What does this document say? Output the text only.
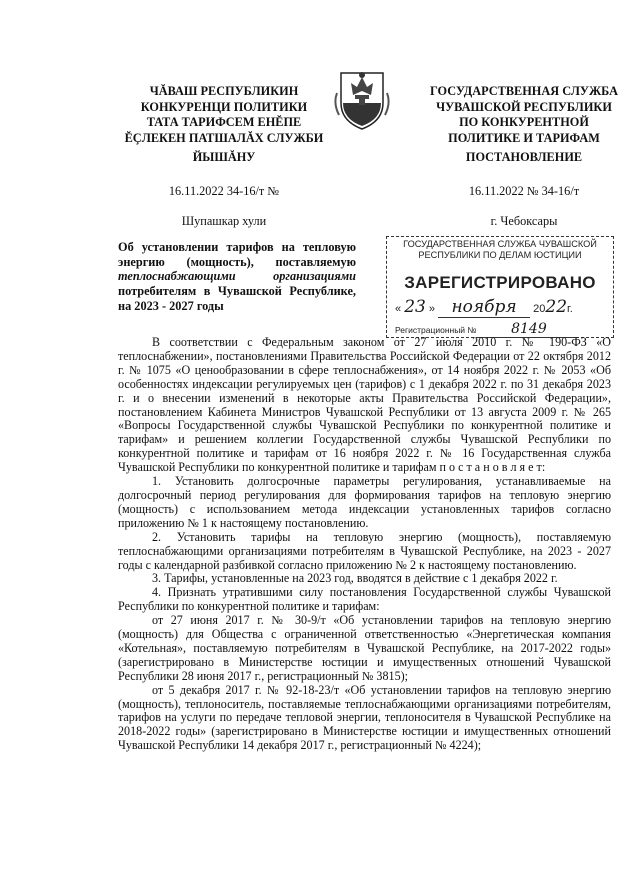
ЧĂВАШ РЕСПУБЛИКИН
КОНКУРЕНЦИ ПОЛИТИКИ
ТАТА ТАРИФСЕМ ЕНĔПЕ
ĔҪЛЕКЕН ПАТШАЛĂХ СЛУЖБИ
ГОСУДАРСТВЕННАЯ СЛУЖБА
ЧУВАШСКОЙ РЕСПУБЛИКИ
ПО КОНКУРЕНТНОЙ
ПОЛИТИКЕ И ТАРИФАМ
ЙЫШĂНУ	ПОСТАНОВЛЕНИЕ
16.11.2022 34-16/т №	16.11.2022 № 34-16/т
Шупашкар хули	г. Чебоксары
Об установлении тарифов на тепловую энергию (мощность), поставляемую теплоснабжающими организациями потребителям в Чувашской Республике, на 2023 - 2027 годы
ГОСУДАРСТВЕННАЯ СЛУЖБА ЧУВАШСКОЙ
РЕСПУБЛИКИ ПО ДЕЛАМ ЮСТИЦИИ
ЗАРЕГИСТРИРОВАНО
« 23 » ноября 2022г.
Регистрационный № 8149

В соответствии с Федеральным законом от 27 июля 2010 г. № 190-ФЗ «О теплоснабжении», постановлениями Правительства Российской Федерации от 22 октября 2012 г. № 1075 «О ценообразовании в сфере теплоснабжения», от 14 ноября 2022 г. № 2053 «Об особенностях индексации регулируемых цен (тарифов) с 1 декабря 2022 г. по 31 декабря 2023 г. и о внесении изменений в некоторые акты Правительства Российской Федерации», постановлением Кабинета Министров Чувашской Республики от 13 августа 2009 г. № 265 «Вопросы Государственной службы Чувашской Республики по конкурентной политике и тарифам» и решением коллегии Государственной службы Чувашской Республики по конкурентной политике и тарифам от 16 ноября 2022 г. № 16 Государственная служба Чувашской Республики по конкурентной политике и тарифам п о с т а н о в л я е т:

1. Установить долгосрочные параметры регулирования, устанавливаемые на долгосрочный период регулирования для формирования тарифов на тепловую энергию (мощность) с использованием метода индексации установленных тарифов согласно приложению № 1 к настоящему постановлению.

2. Установить тарифы на тепловую энергию (мощность), поставляемую теплоснабжающими организациями потребителям в Чувашской Республике, на 2023 - 2027 годы с календарной разбивкой согласно приложению № 2 к настоящему постановлению.

3. Тарифы, установленные на 2023 год, вводятся в действие с 1 декабря 2022 г.

4. Признать утратившими силу постановления Государственной службы Чувашской Республики по конкурентной политике и тарифам:

от 27 июня 2017 г. № 30-9/т «Об установлении тарифов на тепловую энергию (мощность) для Общества с ограниченной ответственностью «Энергетическая компания «Котельная», поставляемую потребителям в Чувашской Республике, на 2017-2022 годы» (зарегистрировано в Министерстве юстиции и имущественных отношений Чувашской Республики 28 июня 2017 г., регистрационный № 3815);

от 5 декабря 2017 г. № 92-18-23/т «Об установлении тарифов на тепловую энергию (мощность), теплоноситель, поставляемые теплоснабжающими организациями потребителям, тарифов на услуги по передаче тепловой энергии, теплоносителя в Чувашской Республике на 2018-2022 годы» (зарегистрировано в Министерстве юстиции и имущественных отношений Чувашской Республики 14 декабря 2017 г., регистрационный № 4224);
